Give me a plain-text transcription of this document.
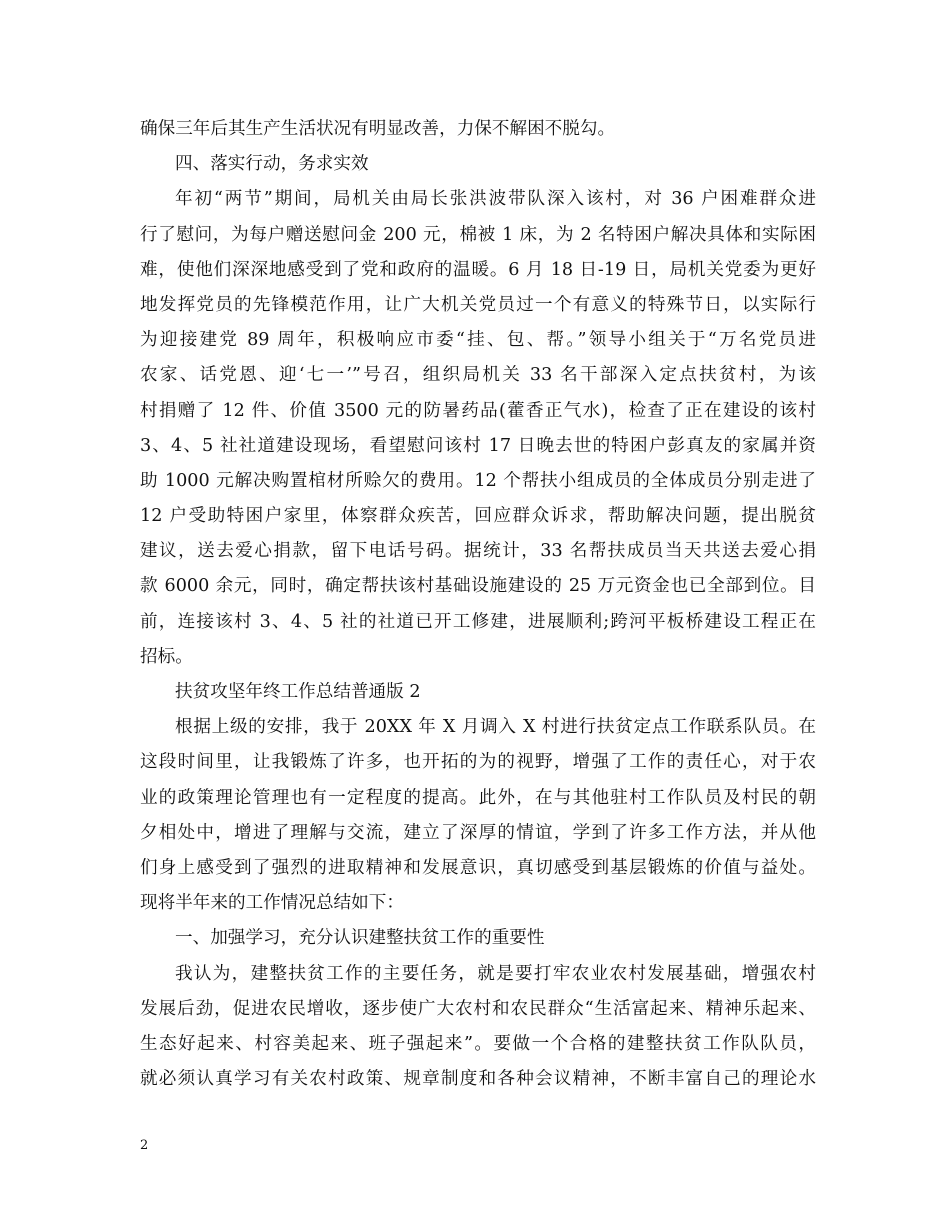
确保三年后其生产生活状况有明显改善，力保不解困不脱勾。
四、落实行动，务求实效
年初“两节”期间，局机关由局长张洪波带队深入该村，对 36 户困难群众进
行了慰问，为每户赠送慰问金 200 元，棉被 1 床，为 2 名特困户解决具体和实际困
难，使他们深深地感受到了党和政府的温暖。6 月 18 日-19 日，局机关党委为更好
地发挥党员的先锋模范作用，让广大机关党员过一个有意义的特殊节日，以实际行
为迎接建党 89 周年，积极响应市委“挂、包、帮。”领导小组关于“万名党员进
农家、话党恩、迎‘七一’”号召，组织局机关 33 名干部深入定点扶贫村，为该
村捐赠了 12 件、价值 3500 元的防暑药品(藿香正气水)，检查了正在建设的该村
3、4、5 社社道建设现场，看望慰问该村 17 日晚去世的特困户彭真友的家属并资
助 1000 元解决购置棺材所赊欠的费用。12 个帮扶小组成员的全体成员分别走进了
12 户受助特困户家里，体察群众疾苦，回应群众诉求，帮助解决问题，提出脱贫
建议，送去爱心捐款，留下电话号码。据统计，33 名帮扶成员当天共送去爱心捐
款 6000 余元，同时，确定帮扶该村基础设施建设的 25 万元资金也已全部到位。目
前，连接该村 3、4、5 社的社道已开工修建，进展顺利;跨河平板桥建设工程正在
招标。
扶贫攻坚年终工作总结普通版 2
根据上级的安排，我于 20XX 年 X 月调入 X 村进行扶贫定点工作联系队员。在
这段时间里，让我锻炼了许多，也开拓的为的视野，增强了工作的责任心，对于农
业的政策理论管理也有一定程度的提高。此外，在与其他驻村工作队员及村民的朝
夕相处中，增进了理解与交流，建立了深厚的情谊，学到了许多工作方法，并从他
们身上感受到了强烈的进取精神和发展意识，真切感受到基层锻炼的价值与益处。
现将半年来的工作情况总结如下：
一、加强学习，充分认识建整扶贫工作的重要性
我认为，建整扶贫工作的主要任务，就是要打牢农业农村发展基础，增强农村
发展后劲，促进农民增收，逐步使广大农村和农民群众“生活富起来、精神乐起来、
生态好起来、村容美起来、班子强起来”。要做一个合格的建整扶贫工作队队员，
就必须认真学习有关农村政策、规章制度和各种会议精神，不断丰富自己的理论水
2
